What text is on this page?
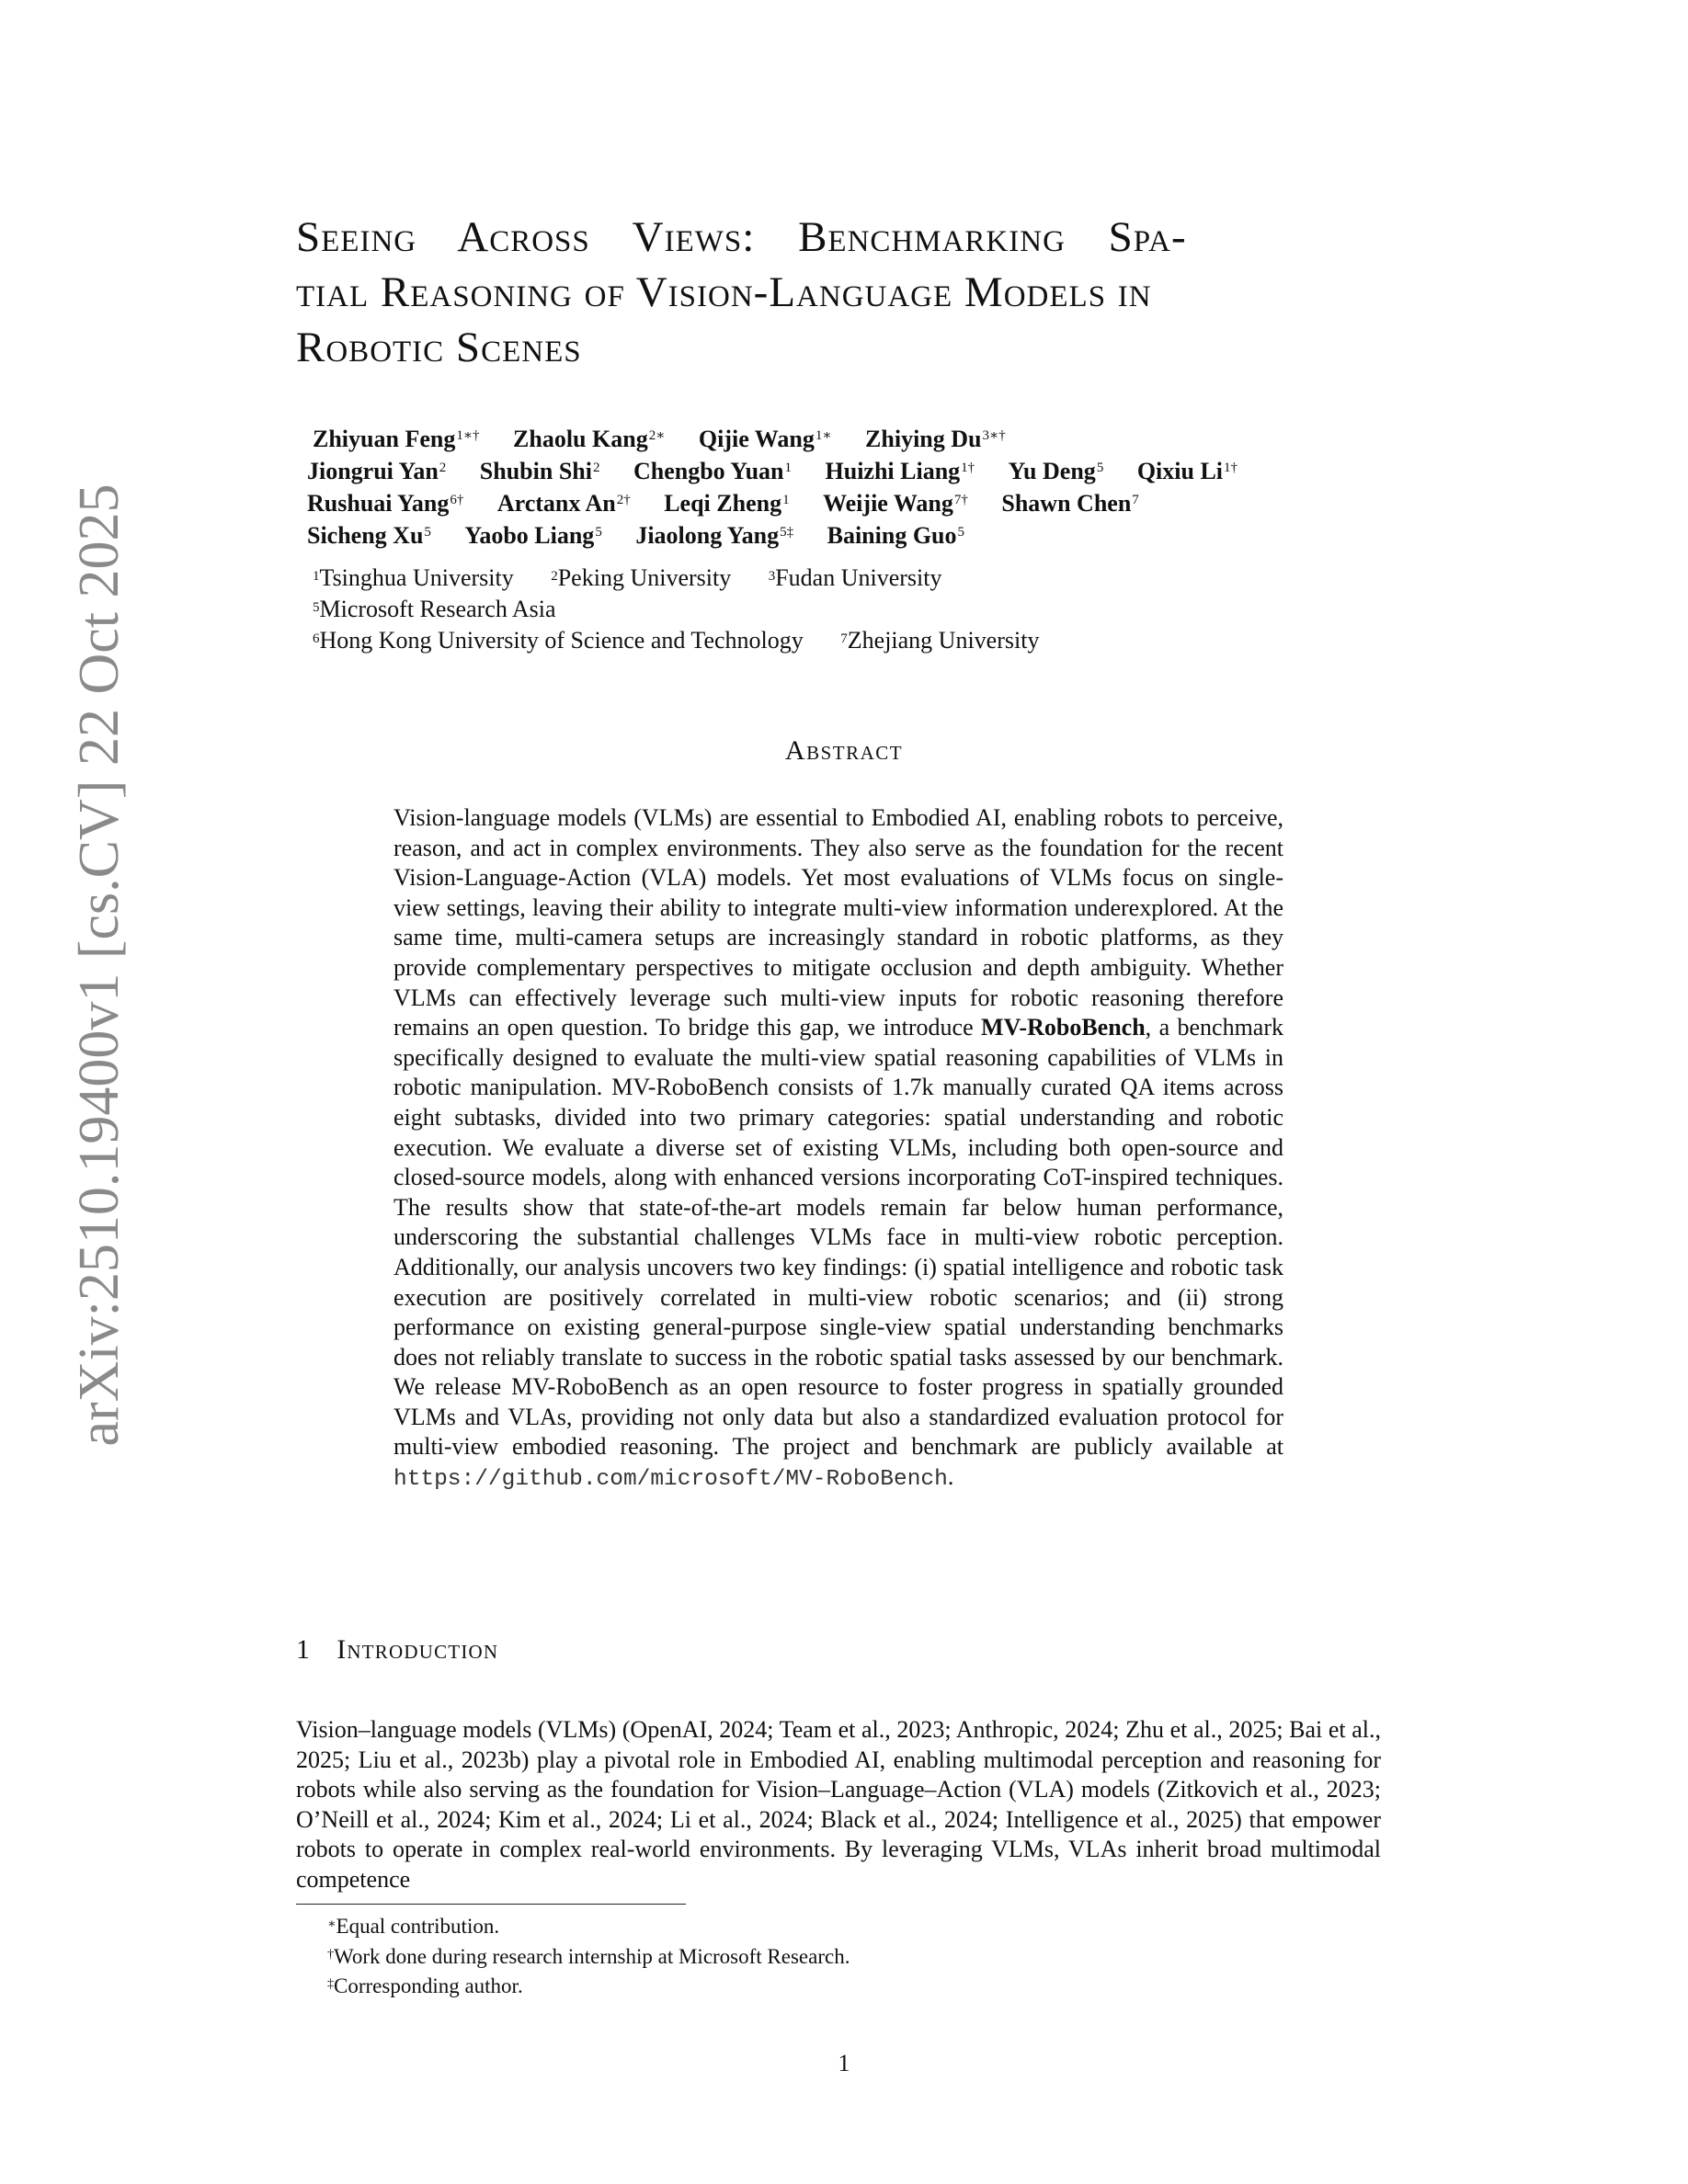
arXiv:2510.19400v1 [cs.CV] 22 Oct 2025
Seeing Across Views: Benchmarking Spa-
tial Reasoning of Vision-Language Models in
Robotic Scenes
Zhiyuan Feng$^{1∗\dagger}$ Zhaolu Kang$^{2∗}$ Qijie Wang$^{1∗}$ Zhiying $Du^{3∗\dagger}$
Jiongrui Yan$^2$ Shubin Shi$^2$ Chengbo Yuan$^1$ Huizhi Liang$^{1\dagger}$ Yu Deng$^5$ Qixiu $Li^{1\dagger}$
Rushuai Yang$^{6\dagger}$ Arctanx $An^{2\dagger}$ Leqi Zheng$^1$ Weijie Wang$^{7\dagger}$ Shawn Chen$^7$
Sicheng Xu$^5$ Yaobo Liang$^5$ Jiaolong Yang$^{5\ddagger}$ Baining Guo$^5$
$^1$Tsinghua University	$^2$Peking University	$^3$Fudan University
$^5$Microsoft Research Asia
$^6$Hong Kong University of Science and Technology	$^7$Zhejiang University
Abstract
Vision-language models (VLMs) are essential to Embodied AI, enabling robots to perceive, reason, and act in complex environments. They also serve as the foundation for the recent Vision-Language-Action (VLA) models. Yet most evaluations of VLMs focus on single-view settings, leaving their ability to integrate multi-view information underexplored. At the same time, multi-camera setups are increasingly standard in robotic platforms, as they provide complementary perspectives to mitigate occlusion and depth ambiguity. Whether VLMs can effectively leverage such multi-view inputs for robotic reasoning therefore remains an open question. To bridge this gap, we introduce MV-RoboBench, a benchmark specifically designed to evaluate the multi-view spatial reasoning capabilities of VLMs in robotic manipulation. MV-RoboBench consists of 1.7k manually curated QA items across eight subtasks, divided into two primary categories: spatial understanding and robotic execution. We evaluate a diverse set of existing VLMs, including both open-source and closed-source models, along with enhanced versions incorporating CoT-inspired techniques. The results show that state-of-the-art models remain far below human performance, underscoring the substantial challenges VLMs face in multi-view robotic perception. Additionally, our analysis uncovers two key findings: (i) spatial intelligence and robotic task execution are positively correlated in multi-view robotic scenarios; and (ii) strong performance on existing general-purpose single-view spatial understanding benchmarks does not reliably translate to success in the robotic spatial tasks assessed by our benchmark. We release MV-RoboBench as an open resource to foster progress in spatially grounded VLMs and VLAs, providing not only data but also a standardized evaluation protocol for multi-view embodied reasoning. The project and benchmark are publicly available at https://github.com/microsoft/MV-RoboBench.
1 Introduction
Vision–language models (VLMs) (OpenAI, 2024; Team et al., 2023; Anthropic, 2024; Zhu et al., 2025; Bai et al., 2025; Liu et al., 2023b) play a pivotal role in Embodied AI, enabling multimodal perception and reasoning for robots while also serving as the foundation for Vision–Language–Action (VLA) models (Zitkovich et al., 2023; O’Neill et al., 2024; Kim et al., 2024; Li et al., 2024; Black et al., 2024; Intelligence et al., 2025) that empower robots to operate in complex real-world environments. By leveraging VLMs, VLAs inherit broad multimodal competence
∗Equal contribution.
†Work done during research internship at Microsoft Research.
‡Corresponding author.
1
